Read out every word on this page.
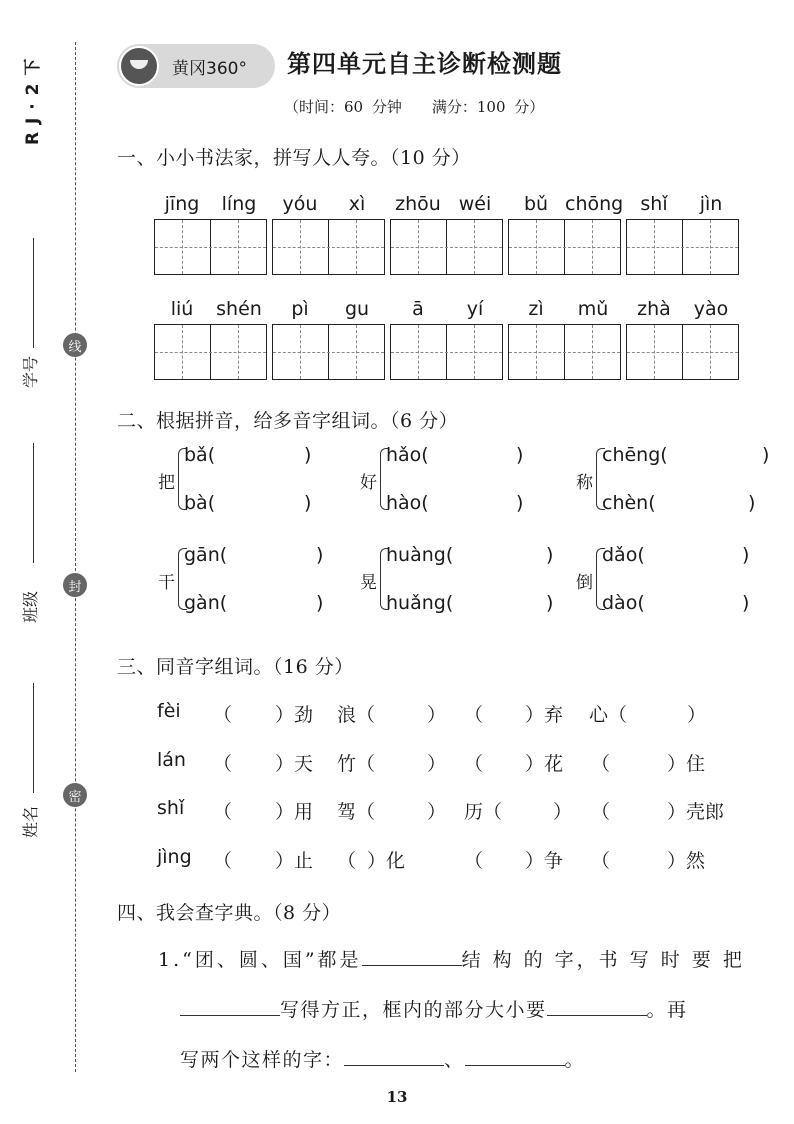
R J · 2 下
线
封
密
学号
班级
姓名
黄冈360° 第四单元自主诊断检测题
（时间：60 分钟 满分：100 分）
一、小小书法家，拼写人人夸。（10 分）
jīng	líng	yóu	xì	zhōu wéi	bǔ chōng shǐ	jìn
liú	shén	pì	gu	ā	yí	zì	mǔ	zhà	yào
二、根据拼音，给多音字组词。（6 分）
把
bǎ(	)
bà(	)
好
hǎo(	)
hào(	)
称
chēng(	)
chèn(	)
干
gān(	)
gàn(	)
晃
huàng(	)
huǎng(	)
倒
dǎo(	)
dào(	)
三、同音字组词。（16 分）
fèi （ ）劲 浪（	） （ ）弃 心（	）
lán （ ）天 竹（	） （ ）花 （	）住
shǐ （ ）用 驾（	） 历（	） （	）壳郎
jìng （ ）止 （ ）化	（ ）争 （	）然
四、我会查字典。（8 分）
1.“团、圆、国”都是	结 构 的 字，书 写 时 要 把
写得方正，框内的部分大小要	。再
写两个这样的字：	、	。
13
